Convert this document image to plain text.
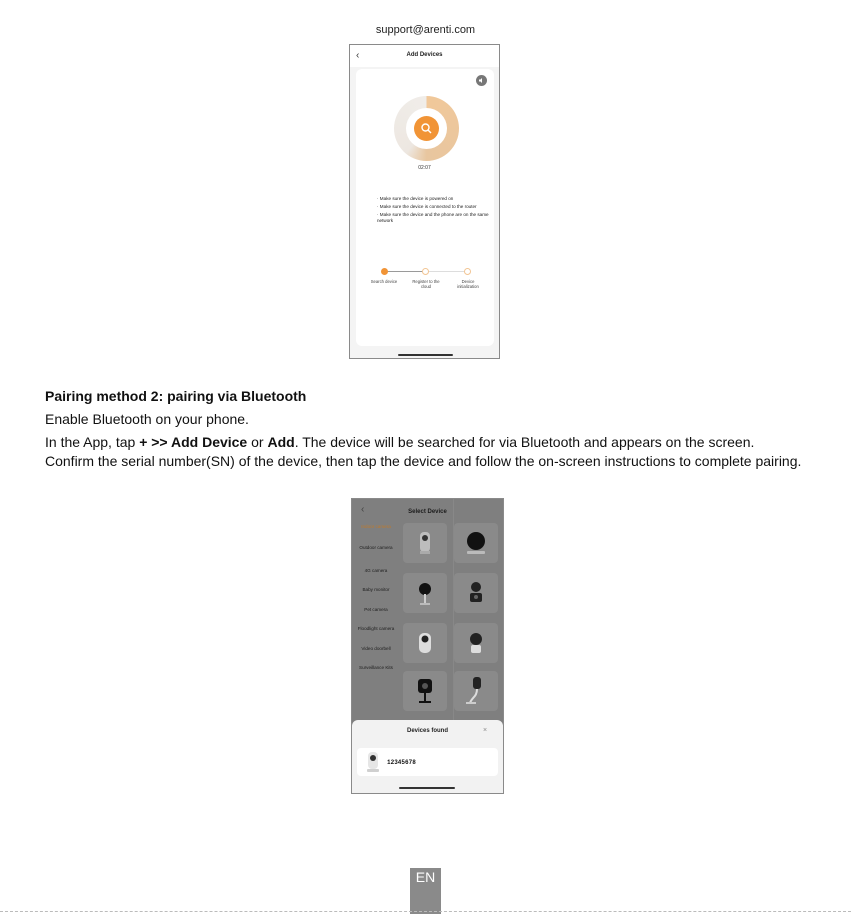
support@arenti.com
‹	Add Devices
02:07
· Make sure the device is powered on
· Make sure the device is connected to the router
· Make sure the device and the phone are on the same network
Search device	Register to the cloud
Device initialization
Pairing method 2: pairing via Bluetooth
Enable Bluetooth on your phone.
In the App, tap + >> Add Device or Add. The device will be searched for via Bluetooth and appears on the screen. Confirm the serial number(SN) of the device, then tap the device and follow the on-screen instructions to complete pairing.
‹	Select Device
Indoor camera
Outdoor camera
4G camera
Baby monitor
Pet camera
Floodlight camera
Video doorbell
Surveillance Kits
Devices found	×
12345678
EN
